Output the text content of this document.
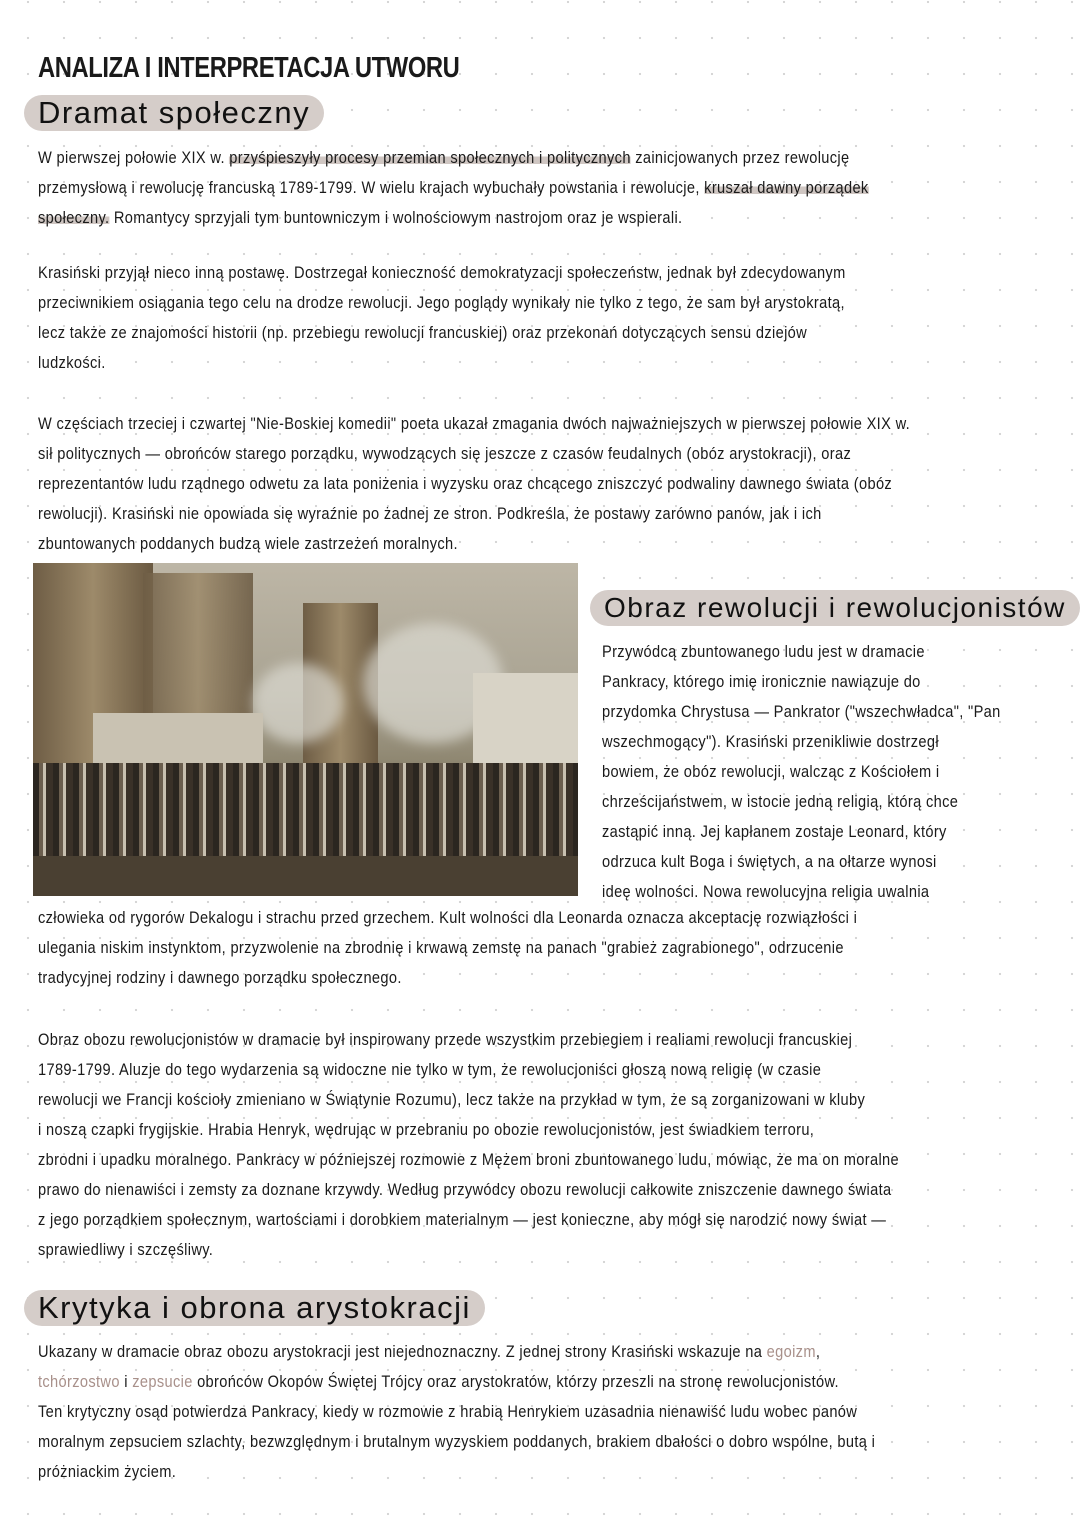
ANALIZA I INTERPRETACJA UTWORU
Dramat społeczny
W pierwszej połowie XIX w. przyśpieszyły procesy przemian społecznych i politycznych zainicjowanych przez rewolucję
przemysłową i rewolucję francuską 1789-1799. W wielu krajach wybuchały powstania i rewolucje, kruszał dawny porządek
społeczny. Romantycy sprzyjali tym buntowniczym i wolnościowym nastrojom oraz je wspierali.
Krasiński przyjął nieco inną postawę. Dostrzegał konieczność demokratyzacji społeczeństw, jednak był zdecydowanym
przeciwnikiem osiągania tego celu na drodze rewolucji. Jego poglądy wynikały nie tylko z tego, że sam był arystokratą,
lecz także ze znajomości historii (np. przebiegu rewolucji francuskiej) oraz przekonań dotyczących sensu dziejów
ludzkości.
W częściach trzeciej i czwartej "Nie-Boskiej komedii" poeta ukazał zmagania dwóch najważniejszych w pierwszej połowie XIX w.
sił politycznych — obrońców starego porządku, wywodzących się jeszcze z czasów feudalnych (obóz arystokracji), oraz
reprezentantów ludu rządnego odwetu za lata poniżenia i wyzysku oraz chcącego zniszczyć podwaliny dawnego świata (obóz
rewolucji). Krasiński nie opowiada się wyraźnie po żadnej ze stron. Podkreśla, że postawy zarówno panów, jak i ich
zbuntowanych poddanych budzą wiele zastrzeżeń moralnych.
Obraz rewolucji i rewolucjonistów
Przywódcą zbuntowanego ludu jest w dramacie
Pankracy, którego imię ironicznie nawiązuje do
przydomka Chrystusa — Pankrator ("wszechwładca", "Pan
wszechmogący"). Krasiński przenikliwie dostrzegł
bowiem, że obóz rewolucji, walcząc z Kościołem i
chrześcijaństwem, w istocie jedną religią, którą chce
zastąpić inną. Jej kapłanem zostaje Leonard, który
odrzuca kult Boga i świętych, a na ołtarze wynosi
ideę wolności. Nowa rewolucyjna religia uwalnia
człowieka od rygorów Dekalogu i strachu przed grzechem. Kult wolności dla Leonarda oznacza akceptację rozwiązłości i
ulegania niskim instynktom, przyzwolenie na zbrodnię i krwawą zemstę na panach "grabież zagrabionego", odrzucenie
tradycyjnej rodziny i dawnego porządku społecznego.
Obraz obozu rewolucjonistów w dramacie był inspirowany przede wszystkim przebiegiem i realiami rewolucji francuskiej
1789-1799. Aluzje do tego wydarzenia są widoczne nie tylko w tym, że rewolucjoniści głoszą nową religię (w czasie
rewolucji we Francji kościoły zmieniano w Świątynie Rozumu), lecz także na przykład w tym, że są zorganizowani w kluby
i noszą czapki frygijskie. Hrabia Henryk, wędrując w przebraniu po obozie rewolucjonistów, jest świadkiem terroru,
zbrodni i upadku moralnego. Pankracy w późniejszej rozmowie z Mężem broni zbuntowanego ludu, mówiąc, że ma on moralne
prawo do nienawiści i zemsty za doznane krzywdy. Według przywódcy obozu rewolucji całkowite zniszczenie dawnego świata
z jego porządkiem społecznym, wartościami i dorobkiem materialnym — jest konieczne, aby mógł się narodzić nowy świat —
sprawiedliwy i szczęśliwy.
Krytyka i obrona arystokracji
Ukazany w dramacie obraz obozu arystokracji jest niejednoznaczny. Z jednej strony Krasiński wskazuje na egoizm,
tchórzostwo i zepsucie obrońców Okopów Świętej Trójcy oraz arystokratów, którzy przeszli na stronę rewolucjonistów.
Ten krytyczny osąd potwierdza Pankracy, kiedy w rozmowie z hrabią Henrykiem uzasadnia nienawiść ludu wobec panów
moralnym zepsuciem szlachty, bezwzględnym i brutalnym wyzyskiem poddanych, brakiem dbałości o dobro wspólne, butą i
próżniackim życiem.
